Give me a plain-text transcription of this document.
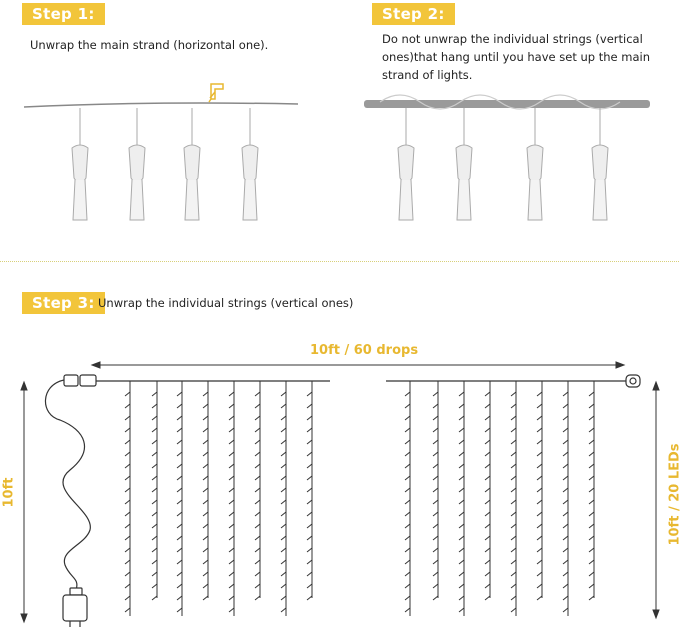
Step 1:
Unwrap the main strand (horizontal one).
Step 2:
Do not unwrap the individual strings (vertical ones)that hang until you have set up the main strand of lights.
Step 3: Unwrap the individual strings (vertical ones)
10ft / 60 drops
10ft	10ft / 20 LEDs
